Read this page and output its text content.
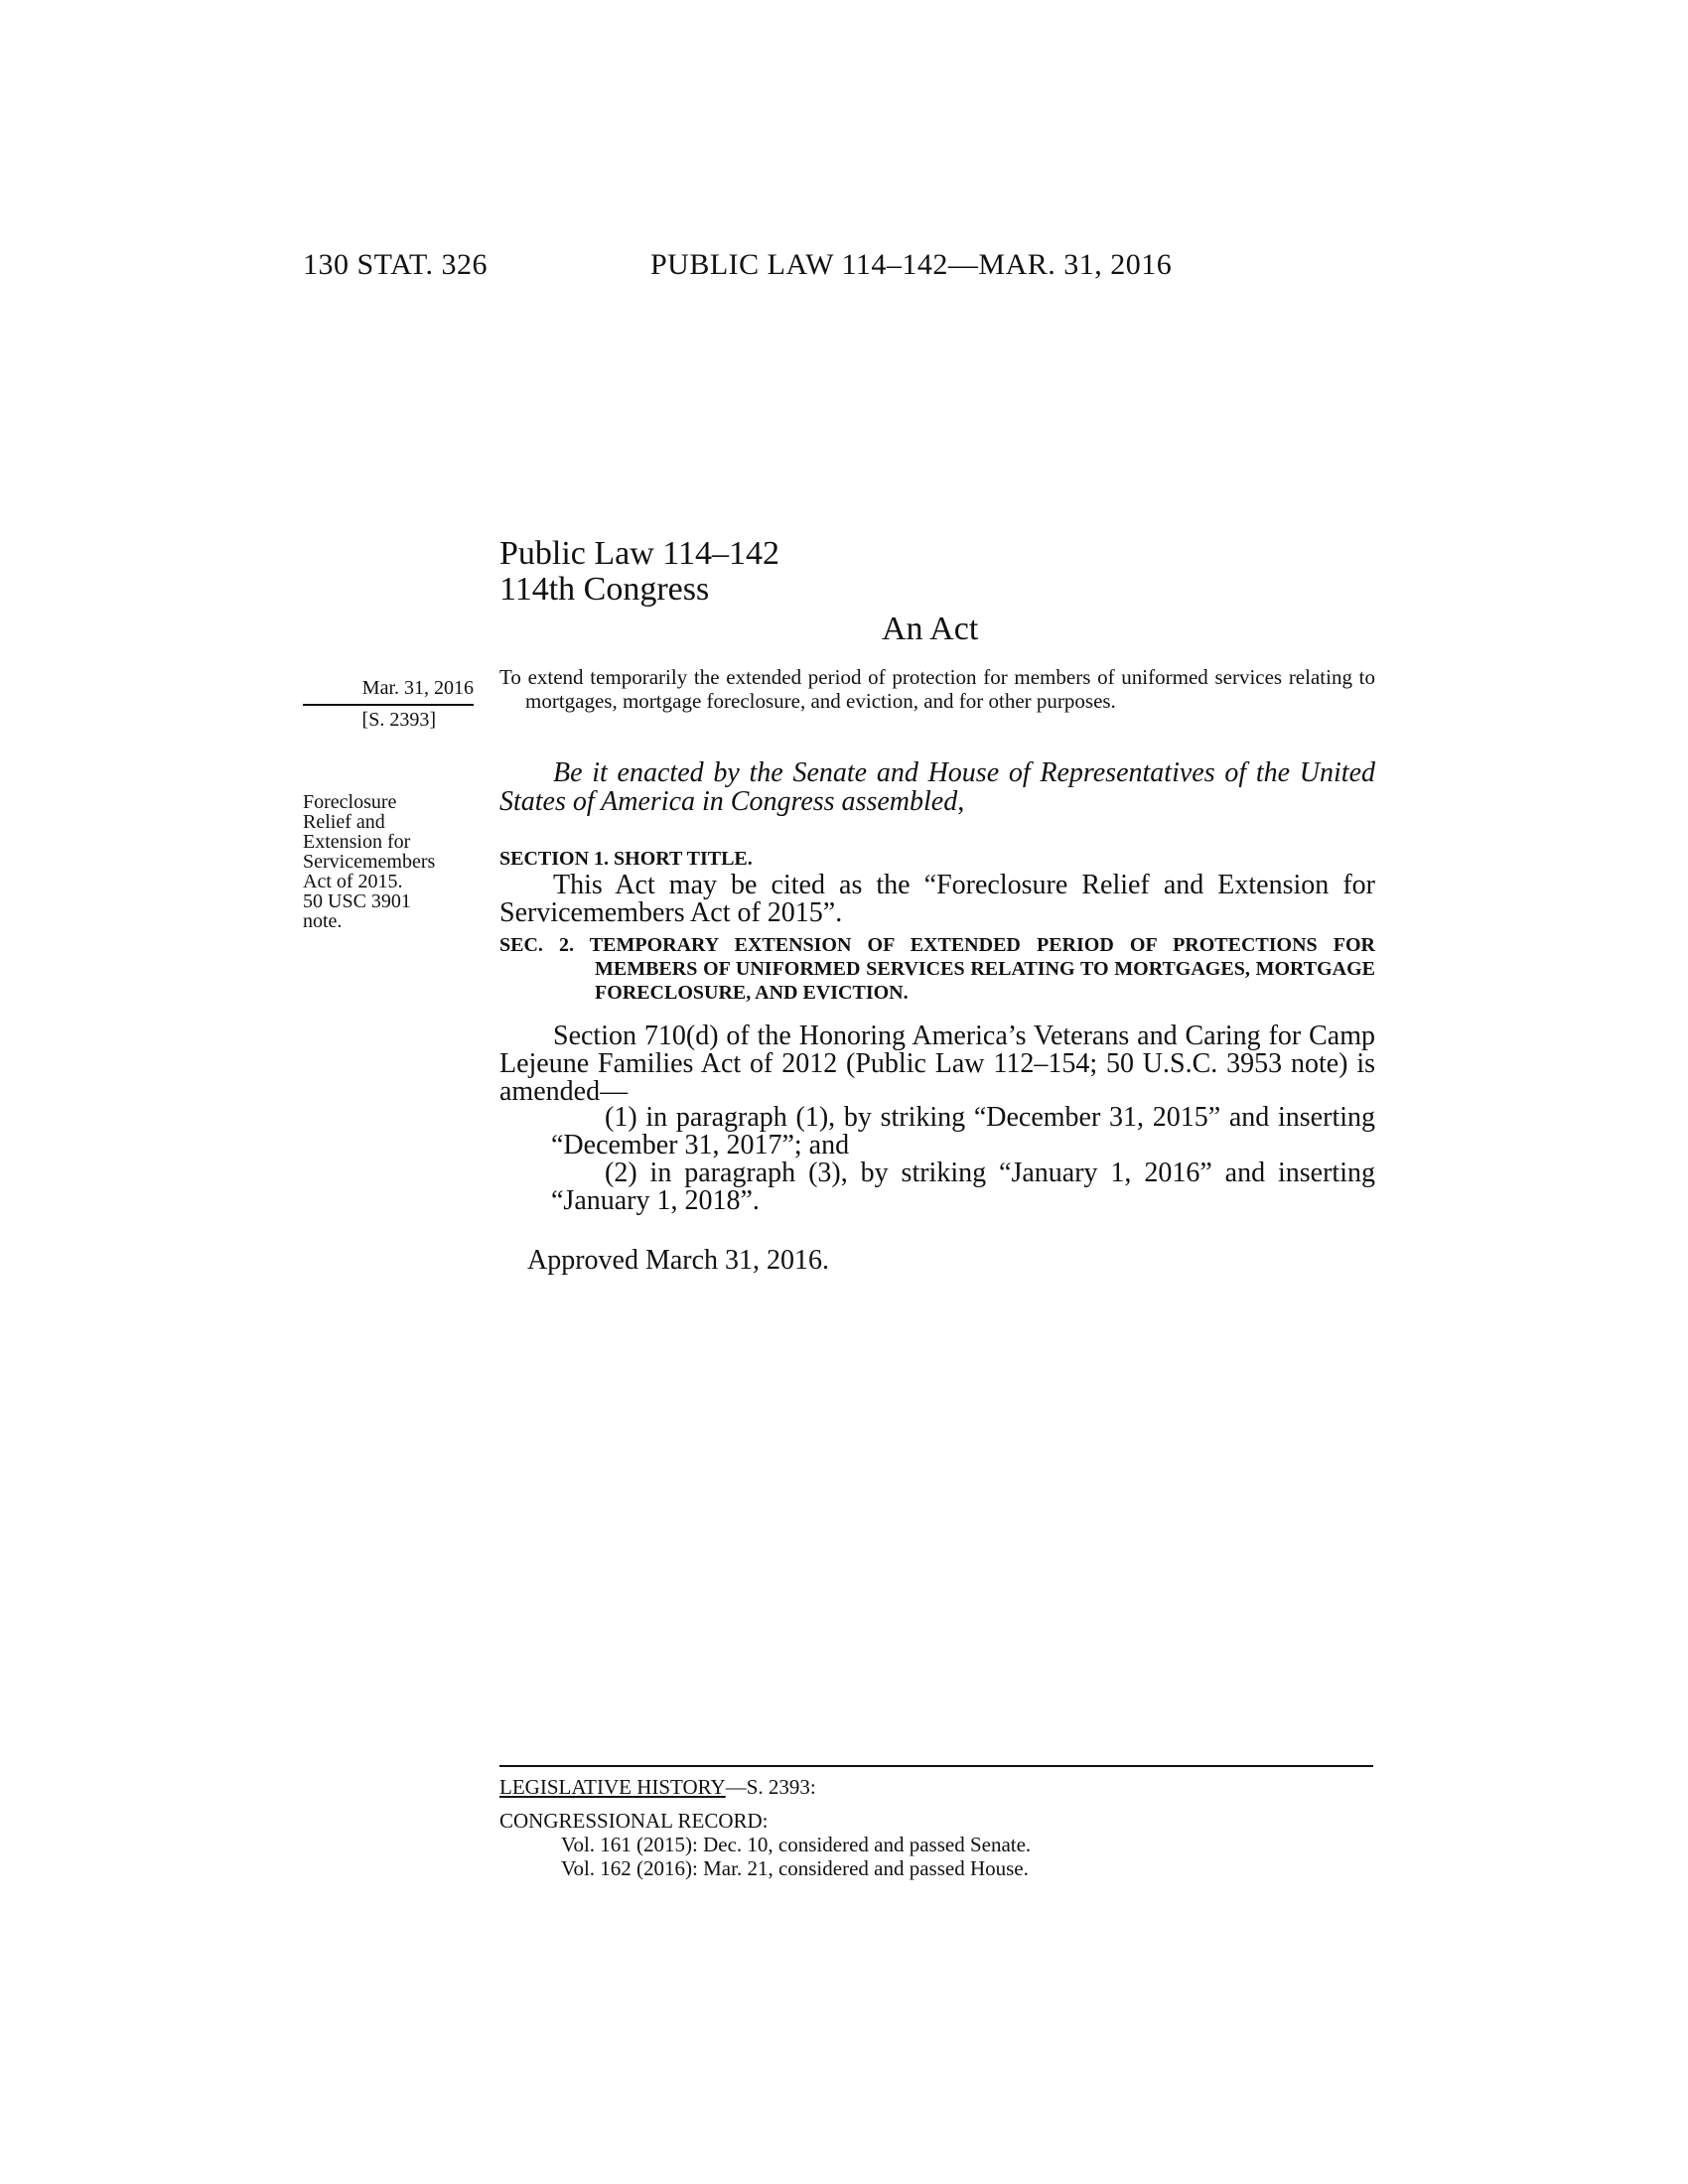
130 STAT. 326	PUBLIC LAW 114–142—MAR. 31, 2016
Public Law 114–142
114th Congress
An Act
Mar. 31, 2016
[S. 2393]
To extend temporarily the extended period of protection for members of uniformed services relating to mortgages, mortgage foreclosure, and eviction, and for other purposes.
Be it enacted by the Senate and House of Representatives of the United States of America in Congress assembled,
Foreclosure
Relief and
Extension for
Servicemembers
Act of 2015.
50 USC 3901
note.
SECTION 1. SHORT TITLE.
This Act may be cited as the “Foreclosure Relief and Extension for Servicemembers Act of 2015”.
SEC. 2. TEMPORARY EXTENSION OF EXTENDED PERIOD OF PROTECTIONS FOR MEMBERS OF UNIFORMED SERVICES RELATING TO MORTGAGES, MORTGAGE FORECLOSURE, AND EVICTION.
Section 710(d) of the Honoring America’s Veterans and Caring for Camp Lejeune Families Act of 2012 (Public Law 112–154; 50 U.S.C. 3953 note) is amended—
(1) in paragraph (1), by striking “December 31, 2015” and inserting “December 31, 2017”; and
(2) in paragraph (3), by striking “January 1, 2016” and inserting “January 1, 2018”.
Approved March 31, 2016.
LEGISLATIVE HISTORY—S. 2393:
CONGRESSIONAL RECORD:
Vol. 161 (2015): Dec. 10, considered and passed Senate.
Vol. 162 (2016): Mar. 21, considered and passed House.
